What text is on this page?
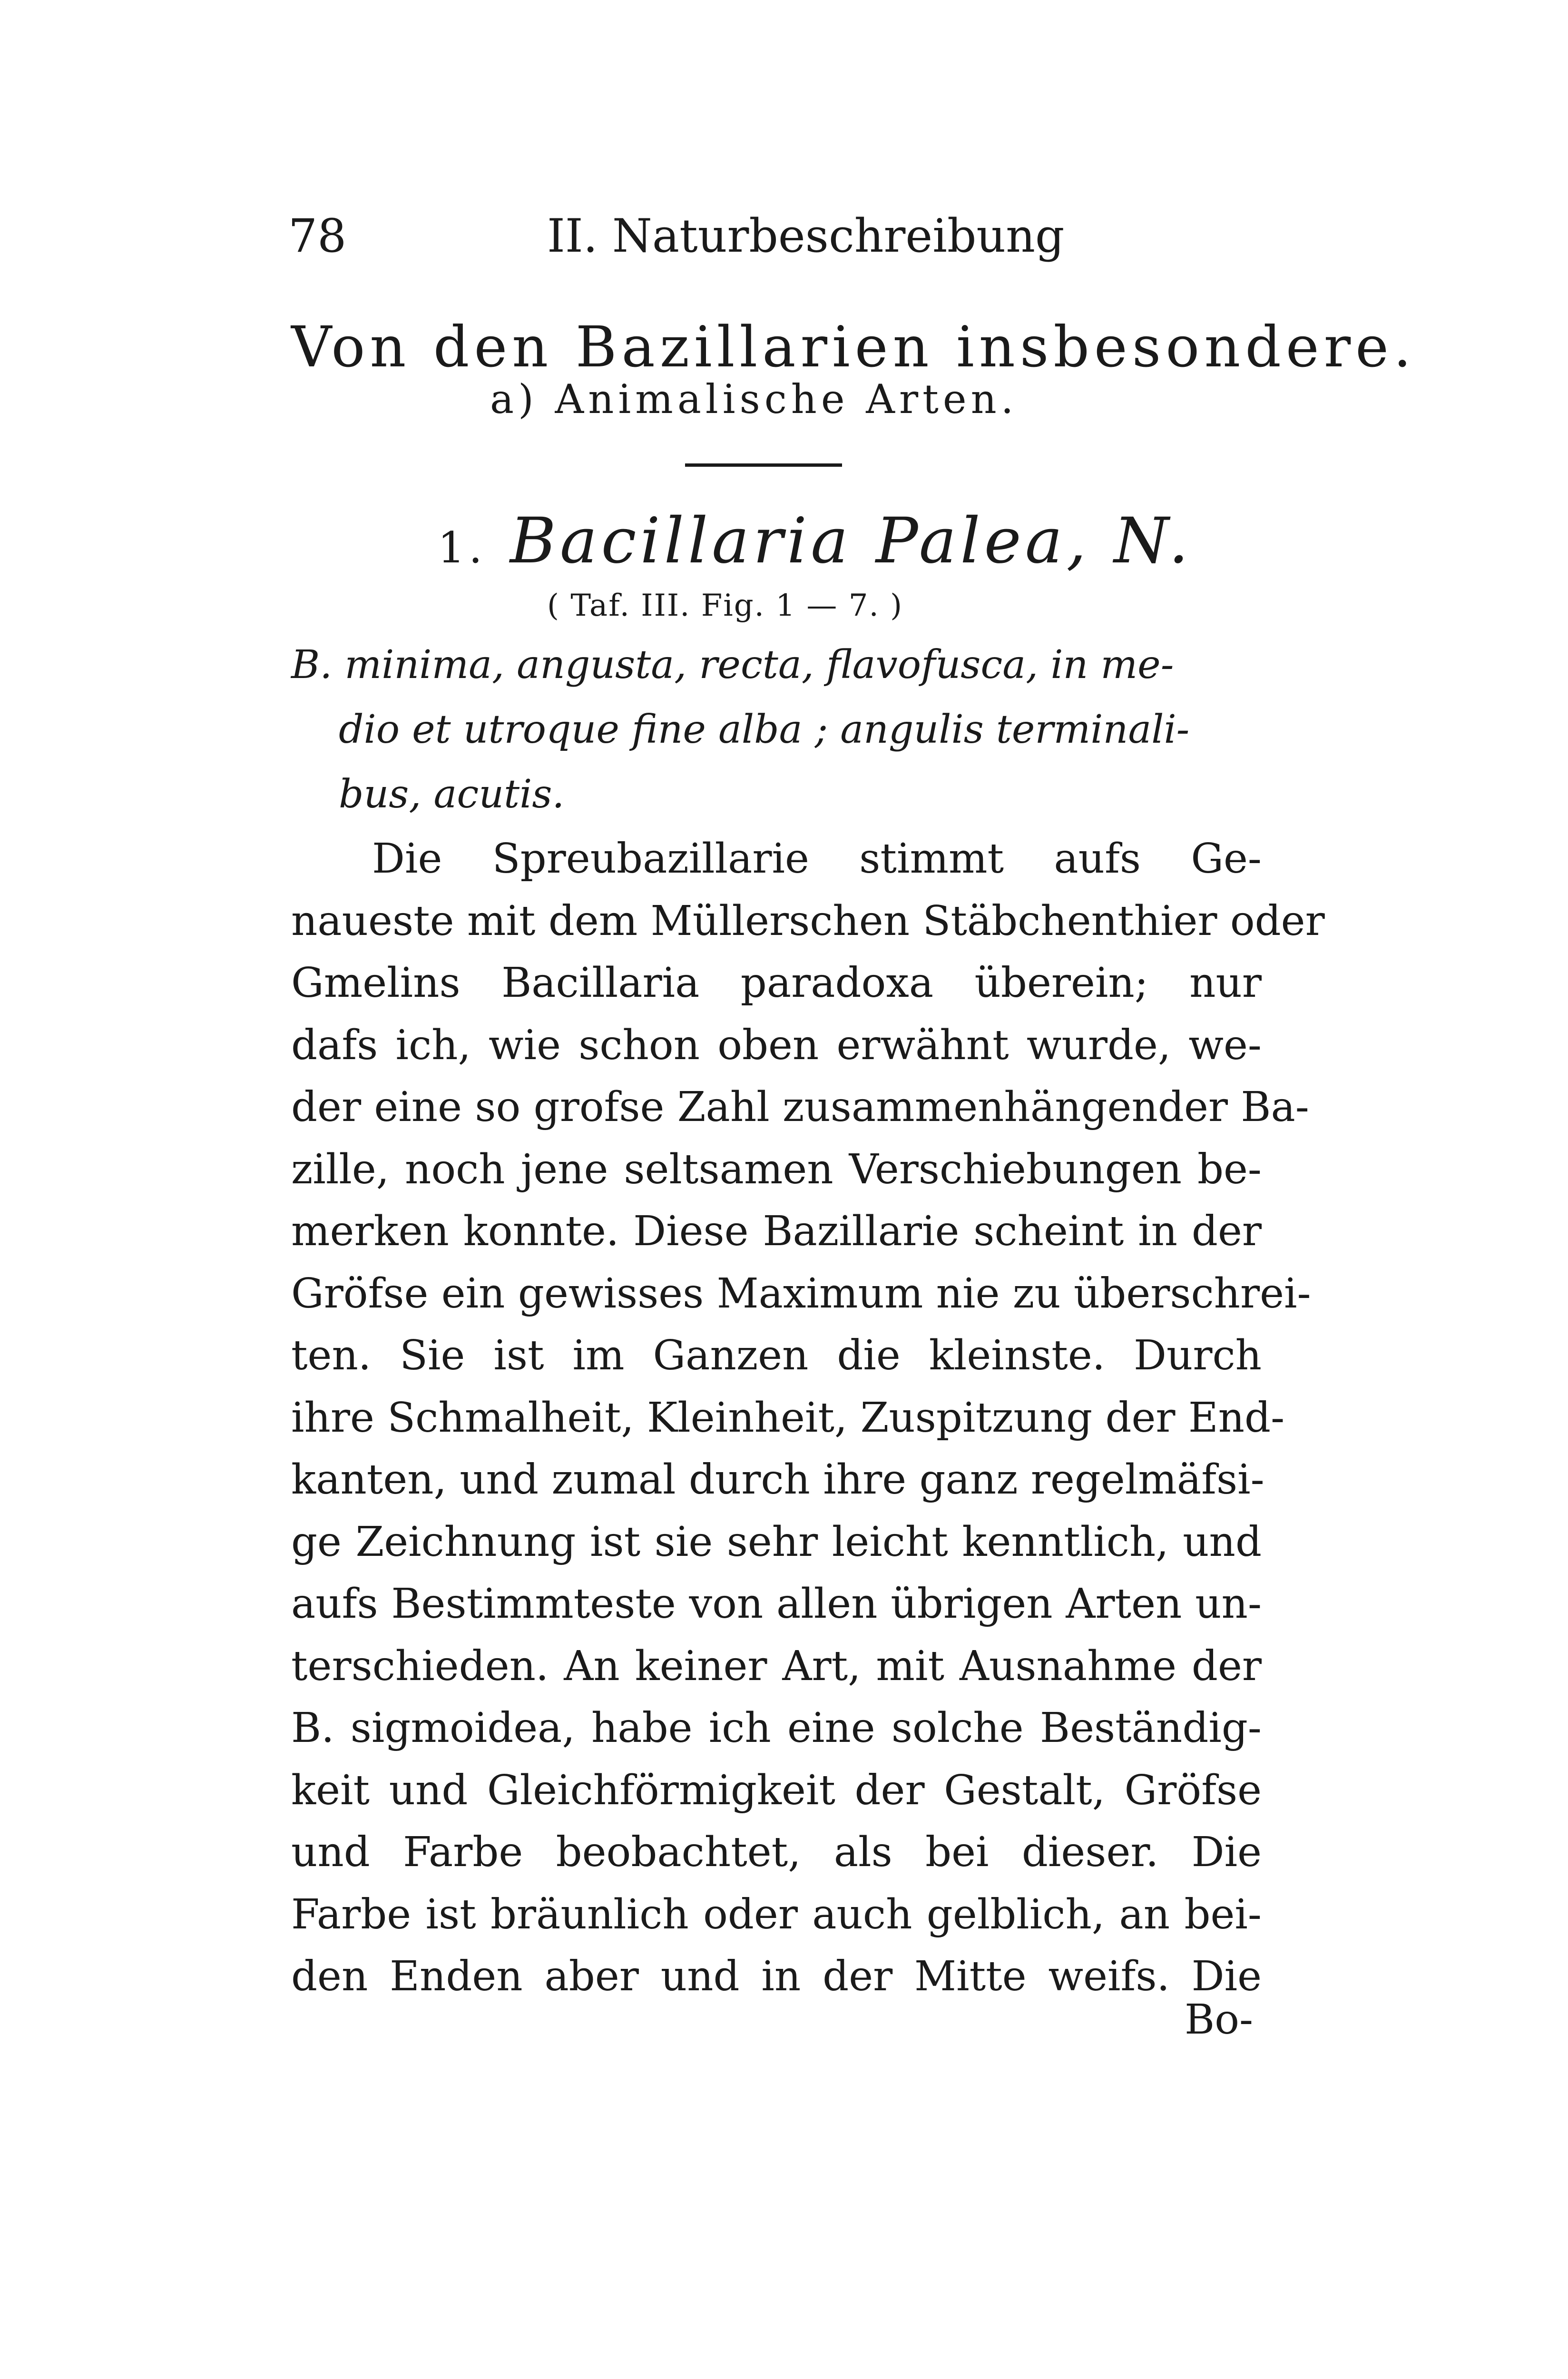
78	II. Naturbeschreibung
Von den Bazillarien insbesondere.
a) Animalische Arten.
1. Bacillaria Palea, N.
( Taf. III. Fig. 1 — 7. )
B. minima, angusta, recta, flavofusca, in me-
dio et utroque fine alba ; angulis terminali-
bus, acutis.
Die Spreubazillarie stimmt aufs Ge-
naueste mit dem Müllerschen Stäbchenthier oder
Gmelins Bacillaria paradoxa überein; nur
dafs ich, wie schon oben erwähnt wurde, we-
der eine so grofse Zahl zusammenhängender Ba-
zille, noch jene seltsamen Verschiebungen be-
merken konnte. Diese Bazillarie scheint in der
Gröfse ein gewisses Maximum nie zu überschrei-
ten. Sie ist im Ganzen die kleinste. Durch
ihre Schmalheit, Kleinheit, Zuspitzung der End-
kanten, und zumal durch ihre ganz regelmäfsi-
ge Zeichnung ist sie sehr leicht kenntlich, und
aufs Bestimmteste von allen übrigen Arten un-
terschieden. An keiner Art, mit Ausnahme der
B. sigmoidea, habe ich eine solche Beständig-
keit und Gleichförmigkeit der Gestalt, Gröfse
und Farbe beobachtet, als bei dieser. Die
Farbe ist bräunlich oder auch gelblich, an bei-
den Enden aber und in der Mitte weifs. Die
Bo-
